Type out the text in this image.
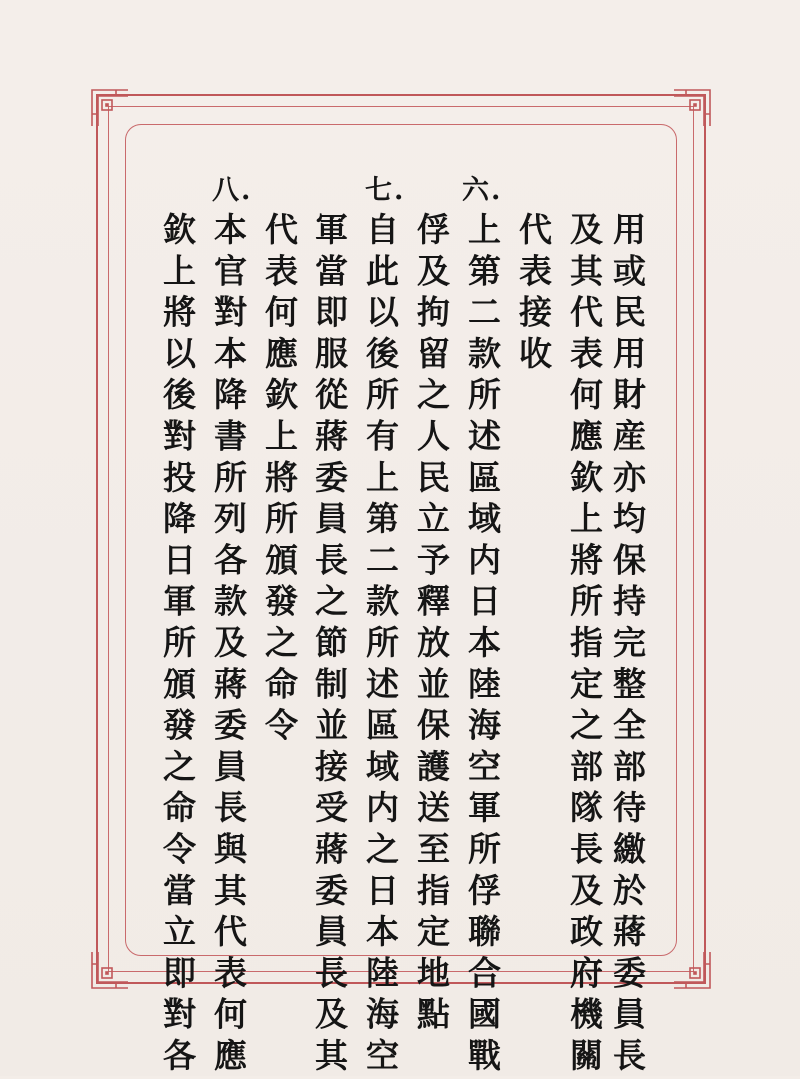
六.
七.
八.
用或民用財産亦均保持完整全部待繳於蔣委員長
及其代表何應欽上將所指定之部隊長及政府機關
代表接收
上第二款所述區域内日本陸海空軍所俘聯合國戰
俘及拘留之人民立予釋放並保護送至指定地點
自此以後所有上第二款所述區域内之日本陸海空
軍當即服從蔣委員長之節制並接受蔣委員長及其
代表何應欽上將所頒發之命令
本官對本降書所列各款及蔣委員長與其代表何應
欽上將以後對投降日軍所頒發之命令當立即對各
